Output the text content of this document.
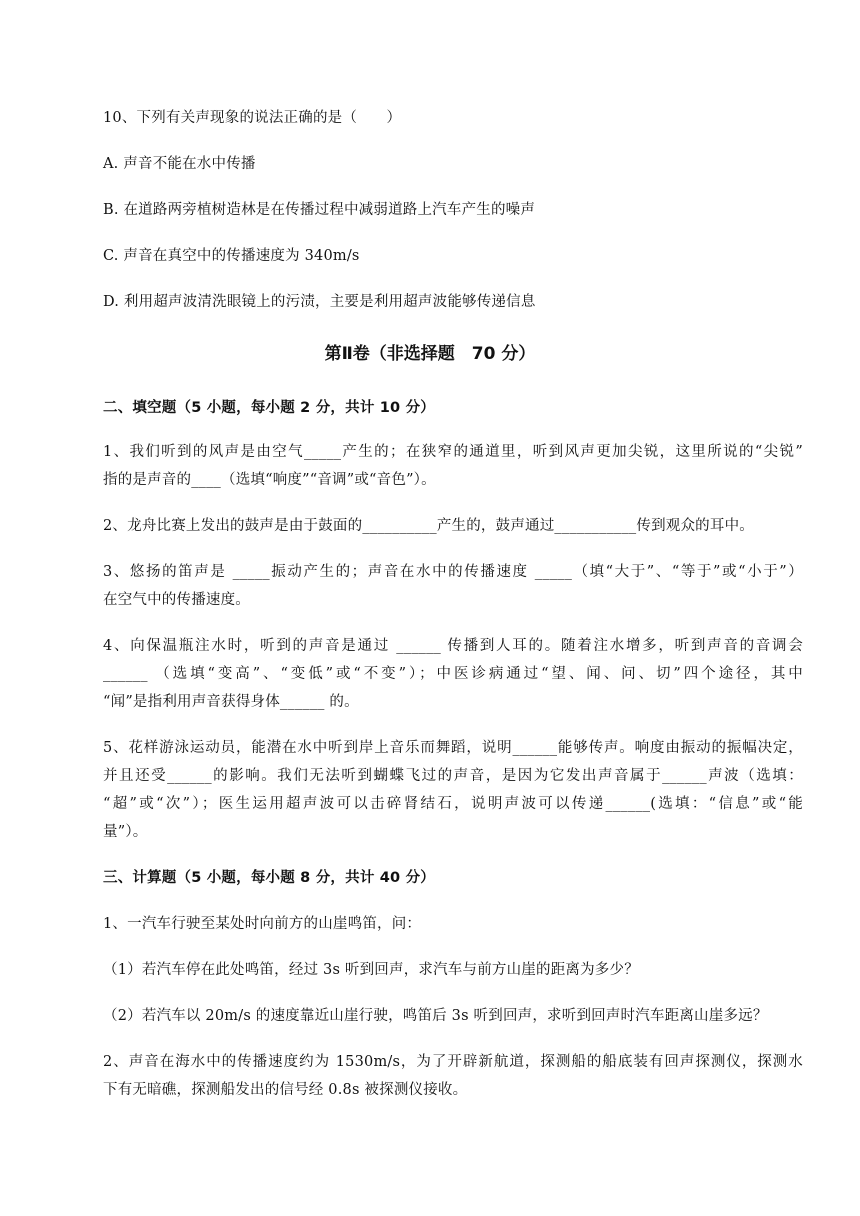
10、下列有关声现象的说法正确的是（　　）
A. 声音不能在水中传播
B. 在道路两旁植树造林是在传播过程中减弱道路上汽车产生的噪声
C. 声音在真空中的传播速度为 340m/s
D. 利用超声波清洗眼镜上的污渍，主要是利用超声波能够传递信息
第Ⅱ卷（非选择题　70 分）
二、填空题（5 小题，每小题 2 分，共计 10 分）
1、我们听到的风声是由空气_____产生的；在狭窄的通道里，听到风声更加尖锐，这里所说的“尖锐”
指的是声音的____（选填“响度”“音调”或“音色”）。
2、龙舟比赛上发出的鼓声是由于鼓面的__________产生的，鼓声通过___________传到观众的耳中。
3、悠扬的笛声是 _____振动产生的；声音在水中的传播速度 _____（填“大于”、“等于”或“小于”）
在空气中的传播速度。
4、向保温瓶注水时，听到的声音是通过 ______ 传播到人耳的。随着注水增多，听到声音的音调会
______ （选填“变高”、“变低”或“不变”）；中医诊病通过“望、闻、问、切”四个途径，其中
“闻”是指利用声音获得身体______ 的。
5、花样游泳运动员，能潜在水中听到岸上音乐而舞蹈，说明______能够传声。响度由振动的振幅决定，
并且还受______的影响。我们无法听到蝴蝶飞过的声音，是因为它发出声音属于______声波（选填：
“超”或“次”）；医生运用超声波可以击碎肾结石，说明声波可以传递______(选填：“信息”或“能
量”）。
三、计算题（5 小题，每小题 8 分，共计 40 分）
1、一汽车行驶至某处时向前方的山崖鸣笛，问：
（1）若汽车停在此处鸣笛，经过 3s 听到回声，求汽车与前方山崖的距离为多少？
（2）若汽车以 20m/s 的速度靠近山崖行驶，鸣笛后 3s 听到回声，求听到回声时汽车距离山崖多远？
2、声音在海水中的传播速度约为 1530m/s，为了开辟新航道，探测船的船底装有回声探测仪，探测水
下有无暗礁，探测船发出的信号经 0.8s 被探测仪接收。
